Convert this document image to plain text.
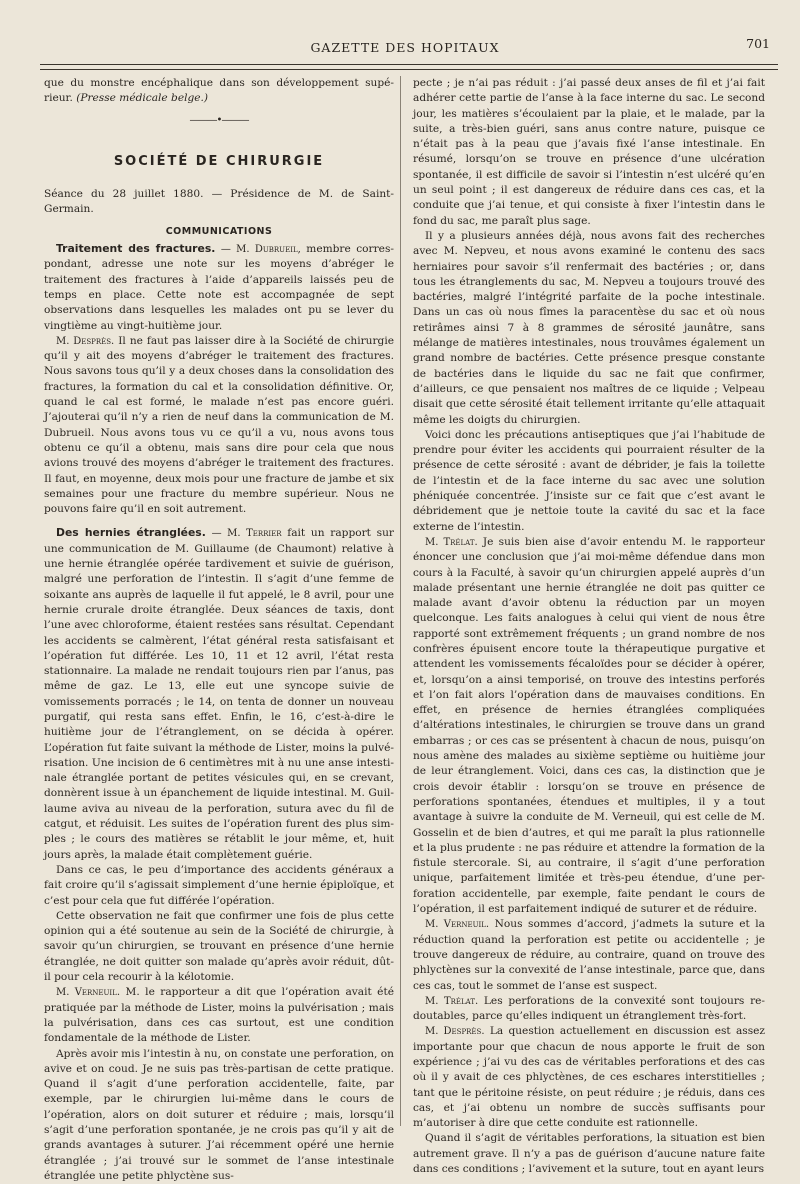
GAZETTE DES HOPITAUX	701

que du monstre encéphalique dans son développement supérieur. (Presse médicale belge.)

———•———
SOCIÉTÉ DE CHIRURGIE

Séance du 28 juillet 1880. — Présidence de M. de Saint-Germain.

COMMUNICATIONS

Traitement des fractures. — M. Dubrueil, membre correspondant, adresse une note sur les moyens d’abréger le traitement des fractures à l’aide d’appareils laissés peu de temps en place. Cette note est accompagnée de sept observations dans lesquelles les malades ont pu se lever du vingtième au vingt-huitième jour.

M. Desprès. Il ne faut pas laisser dire à la Société de chirurgie qu’il y ait des moyens d’abréger le traitement des fractures. Nous savons tous qu’il y a deux choses dans la consolidation des fractures, la formation du cal et la consolidation définitive. Or, quand le cal est formé, le malade n’est pas encore guéri. J’ajouterai qu’il n’y a rien de neuf dans la communication de M. Dubrueil. Nous avons tous vu ce qu’il a vu, nous avons tous obtenu ce qu’il a obtenu, mais sans dire pour cela que nous avions trouvé des moyens d’abréger le traitement des fractures. Il faut, en moyenne, deux mois pour une fracture de jambe et six semaines pour une fracture du membre supérieur. Nous ne pouvons faire qu’il en soit autrement.

Des hernies étranglées. — M. Terrier fait un rapport sur une communication de M. Guillaume (de Chaumont) relative à une hernie étranglée opérée tardivement et suivie de guérison, malgré une perforation de l’intestin. Il s’agit d’une femme de soixante ans auprès de laquelle il fut appelé, le 8 avril, pour une hernie crurale droite étranglée. Deux séances de taxis, dont l’une avec chloroforme, étaient restées sans résultat. Cependant les accidents se calmèrent, l’état général resta satisfaisant et l’opération fut différée. Les 10, 11 et 12 avril, l’état resta stationnaire. La malade ne rendait toujours rien par l’anus, pas même de gaz. Le 13, elle eut une syncope suivie de vomissements porracés ; le 14, on tenta de donner un nouveau purgatif, qui resta sans effet. Enfin, le 16, c’est-à-dire le huitième jour de l’étranglement, on se décida à opérer. L’opération fut faite suivant la méthode de Lister, moins la pulvérisation. Une incision de 6 centimètres mit à nu une anse intestinale étranglée portant de petites vésicules qui, en se crevant, donnèrent issue à un épanchement de liquide intestinal. M. Guillaume aviva au niveau de la perforation, sutura avec du fil de catgut, et réduisit. Les suites de l’opération furent des plus simples ; le cours des matières se rétablit le jour même, et, huit jours après, la malade était complètement guérie.

Dans ce cas, le peu d’importance des accidents généraux a fait croire qu’il s’agissait simplement d’une hernie épiploïque, et c’est pour cela que fut différée l’opération.

Cette observation ne fait que confirmer une fois de plus cette opinion qui a été soutenue au sein de la Société de chirurgie, à savoir qu’un chirurgien, se trouvant en présence d’une hernie étranglée, ne doit quitter son malade qu’après avoir réduit, dût-il pour cela recourir à la kélotomie.

M. Verneuil. M. le rapporteur a dit que l’opération avait été pratiquée par la méthode de Lister, moins la pulvérisation ; mais la pulvérisation, dans ces cas surtout, est une condition fondamentale de la méthode de Lister.

Après avoir mis l’intestin à nu, on constate une perforation, on avive et on coud. Je ne suis pas très-partisan de cette pratique. Quand il s’agit d’une perforation accidentelle, faite, par exemple, par le chirurgien lui-même dans le cours de l’opération, alors on doit suturer et réduire ; mais, lorsqu’il s’agit d’une perforation spontanée, je ne crois pas qu’il y ait de grands avantages à suturer. J’ai récemment opéré une hernie étranglée ; j’ai trouvé sur le sommet de l’anse intestinale étranglée une petite phlyctène sus-

pecte ; je n’ai pas réduit : j’ai passé deux anses de fil et j’ai fait adhérer cette partie de l’anse à la face interne du sac. Le second jour, les matières s’écoulaient par la plaie, et le malade, par la suite, a très-bien guéri, sans anus contre nature, puisque ce n’était pas à la peau que j’avais fixé l’anse intestinale. En résumé, lorsqu’on se trouve en présence d’une ulcération spontanée, il est difficile de savoir si l’intestin n’est ulcéré qu’en un seul point ; il est dangereux de réduire dans ces cas, et la conduite que j’ai tenue, et qui consiste à fixer l’intestin dans le fond du sac, me paraît plus sage.

Il y a plusieurs années déjà, nous avons fait des recherches avec M. Nepveu, et nous avons examiné le contenu des sacs herniaires pour savoir s’il renfermait des bactéries ; or, dans tous les étranglements du sac, M. Nepveu a toujours trouvé des bactéries, malgré l’intégrité parfaite de la poche intestinale. Dans un cas où nous fîmes la paracentèse du sac et où nous retirâmes ainsi 7 à 8 grammes de sérosité jaunâtre, sans mélange de matières intestinales, nous trouvâmes également un grand nombre de bactéries. Cette présence presque constante de bactéries dans le liquide du sac ne fait que confirmer, d’ailleurs, ce que pensaient nos maîtres de ce liquide ; Velpeau disait que cette sérosité était tellement irritante qu’elle attaquait même les doigts du chirurgien.

Voici donc les précautions antiseptiques que j’ai l’habitude de prendre pour éviter les accidents qui pourraient résulter de la présence de cette sérosité : avant de débrider, je fais la toilette de l’intestin et de la face interne du sac avec une solution phéniquée concentrée. J’insiste sur ce fait que c’est avant le débridement que je nettoie toute la cavité du sac et la face externe de l’intestin.

M. Trélat. Je suis bien aise d’avoir entendu M. le rapporteur énoncer une conclusion que j’ai moi-même défendue dans mon cours à la Faculté, à savoir qu’un chirurgien appelé auprès d’un malade présentant une hernie étranglée ne doit pas quitter ce malade avant d’avoir obtenu la réduction par un moyen quelconque. Les faits analogues à celui qui vient de nous être rapporté sont extrêmement fréquents ; un grand nombre de nos confrères épuisent encore toute la thérapeutique purgative et attendent les vomissements fécaloïdes pour se décider à opérer, et, lorsqu’on a ainsi temporisé, on trouve des intestins perforés et l’on fait alors l’opération dans de mauvaises conditions. En effet, en présence de hernies étranglées compliquées d’altérations intestinales, le chirurgien se trouve dans un grand embarras ; or ces cas se présentent à chacun de nous, puisqu’on nous amène des malades au sixième septième ou huitième jour de leur étranglement. Voici, dans ces cas, la distinction que je crois devoir établir : lorsqu’on se trouve en présence de perforations spontanées, étendues et multiples, il y a tout avantage à suivre la conduite de M. Verneuil, qui est celle de M. Gosselin et de bien d’autres, et qui me paraît la plus rationnelle et la plus prudente : ne pas réduire et attendre la formation de la fistule stercorale. Si, au contraire, il s’agit d’une perforation unique, parfaitement limitée et très-peu étendue, d’une perforation accidentelle, par exemple, faite pendant le cours de l’opération, il est parfaitement indiqué de suturer et de réduire.

M. Verneuil. Nous sommes d’accord, j’admets la suture et la réduction quand la perforation est petite ou accidentelle ; je trouve dangereux de réduire, au contraire, quand on trouve des phlyctènes sur la convexité de l’anse intestinale, parce que, dans ces cas, tout le sommet de l’anse est suspect.

M. Trélat. Les perforations de la convexité sont toujours redoutables, parce qu’elles indiquent un étranglement très-fort.

M. Desprès. La question actuellement en discussion est assez importante pour que chacun de nous apporte le fruit de son expérience ; j’ai vu des cas de véritables perforations et des cas où il y avait de ces phlyctènes, de ces eschares interstitielles ; tant que le péritoine résiste, on peut réduire ; je réduis, dans ces cas, et j’ai obtenu un nombre de succès suffisants pour m’autoriser à dire que cette conduite est rationnelle.

Quand il s’agit de véritables perforations, la situation est bien autrement grave. Il n’y a pas de guérison d’aucune nature faite dans ces conditions ; l’avivement et la suture, tout en ayant leurs
